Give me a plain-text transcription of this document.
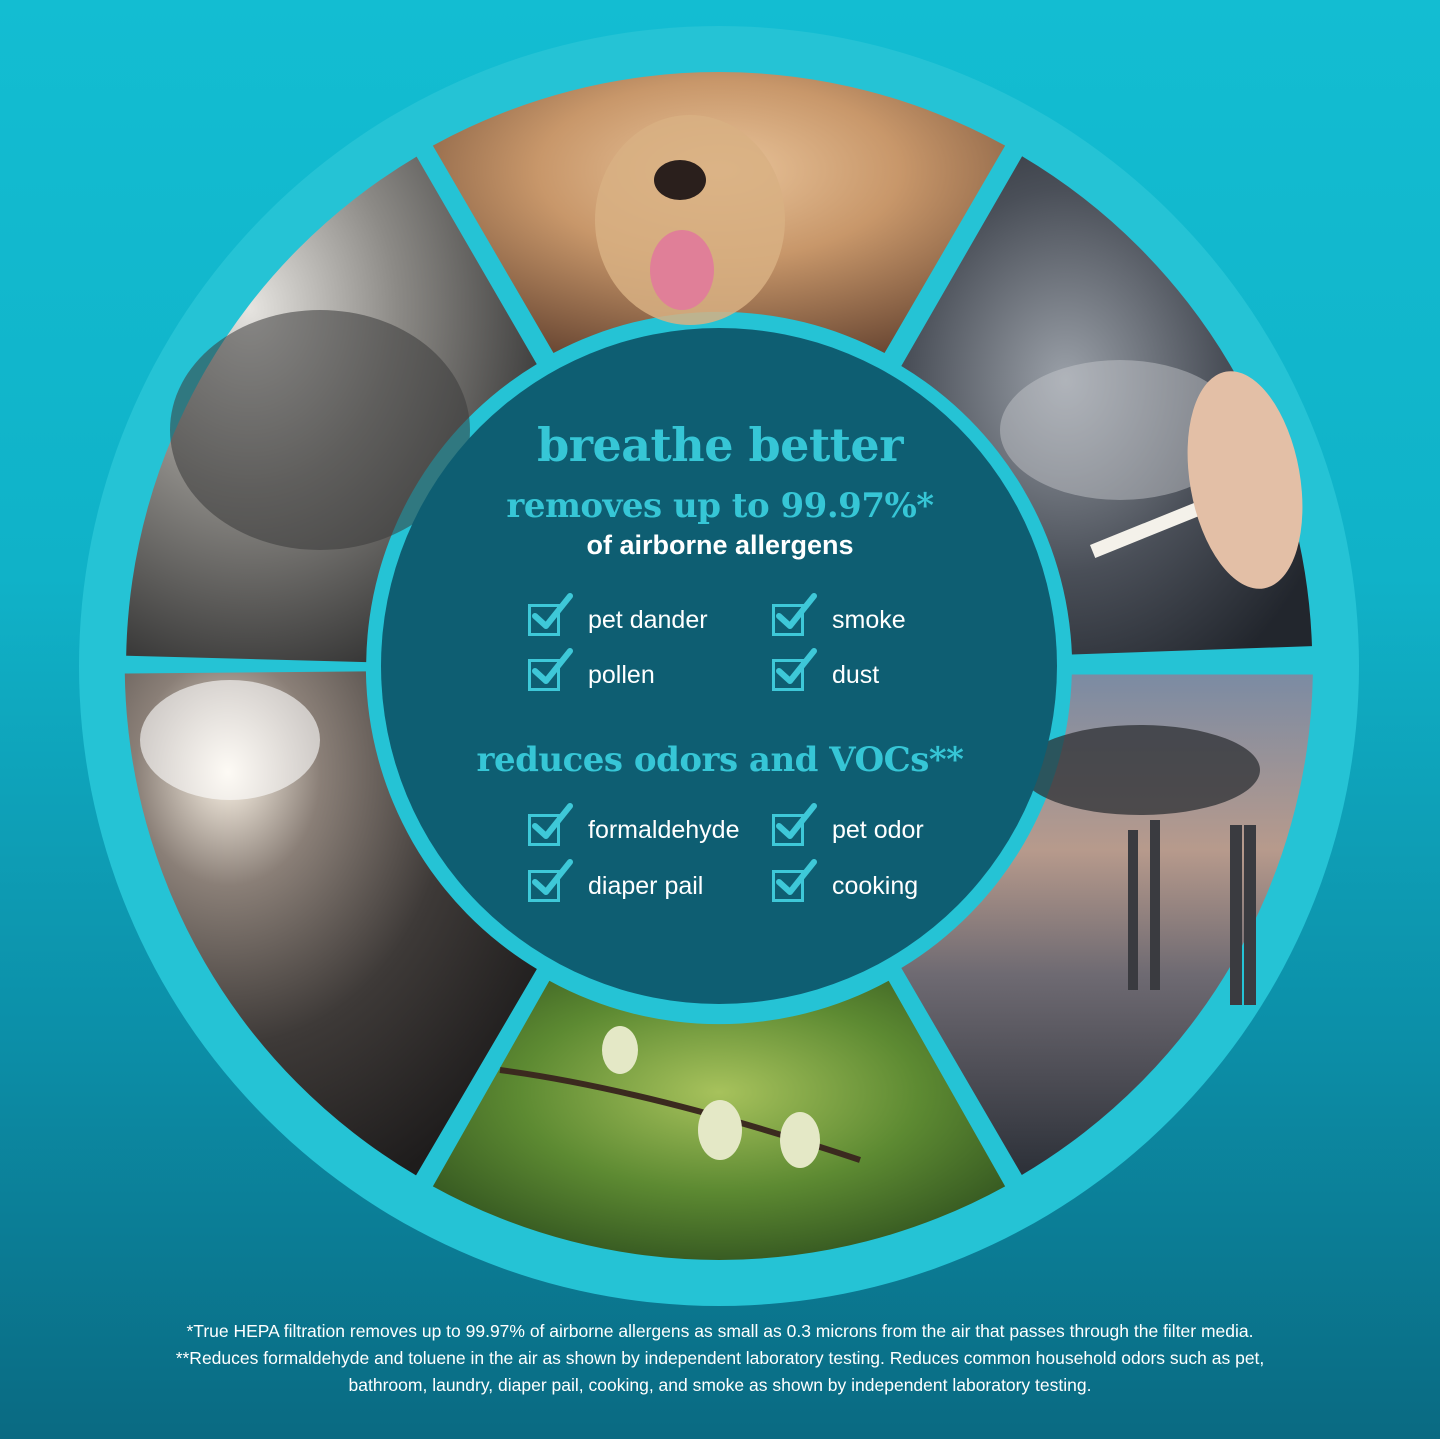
breathe better
removes up to 99.97%*
of airborne allergens
pet dander	smoke
pollen	dust
reduces odors and VOCs**
formaldehyde	pet odor
diaper pail	cooking
*True HEPA filtration removes up to 99.97% of airborne allergens as small as 0.3 microns from the air that passes through the filter media.
**Reduces formaldehyde and toluene in the air as shown by independent laboratory testing. Reduces common household odors such as pet,
bathroom, laundry, diaper pail, cooking, and smoke as shown by independent laboratory testing.
